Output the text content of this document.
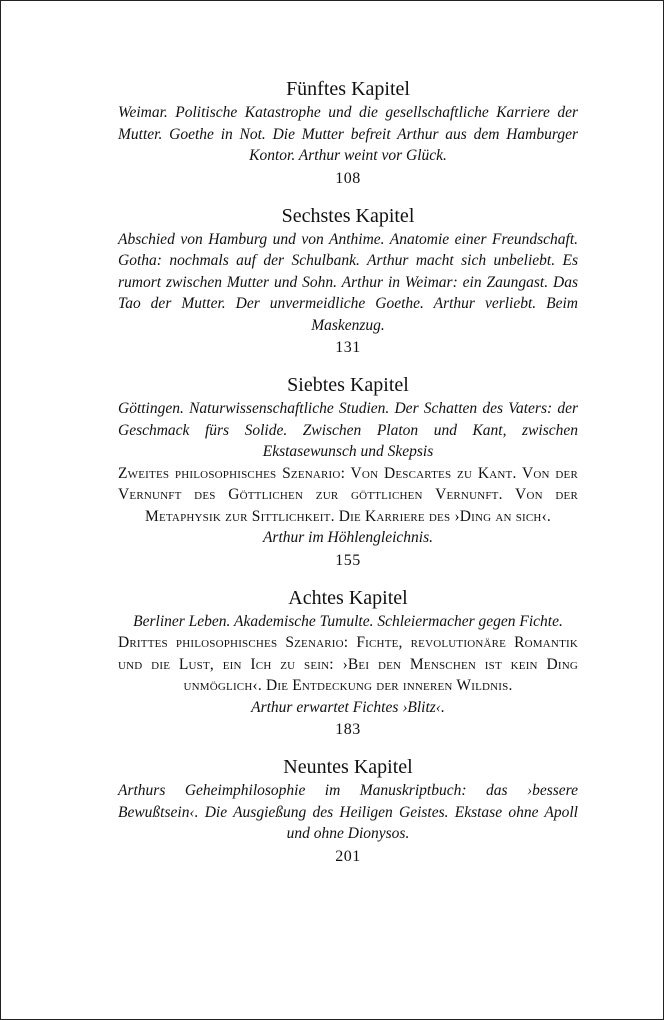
Fünftes Kapitel

Weimar. Politische Katastrophe und die gesellschaftliche Karriere der Mutter. Goethe in Not. Die Mutter befreit Arthur aus dem Hamburger Kontor. Arthur weint vor Glück.

108

Sechstes Kapitel

Abschied von Hamburg und von Anthime. Anatomie einer Freundschaft. Gotha: nochmals auf der Schulbank. Arthur macht sich unbeliebt. Es rumort zwischen Mutter und Sohn. Arthur in Weimar: ein Zaungast. Das Tao der Mutter. Der unvermeidliche Goethe. Arthur verliebt. Beim Maskenzug.

131

Siebtes Kapitel

Göttingen. Naturwissenschaftliche Studien. Der Schatten des Vaters: der Geschmack fürs Solide. Zwischen Platon und Kant, zwischen Ekstasewunsch und Skepsis

Zweites philosophisches Szenario: Von Descartes zu Kant. Von der Vernunft des Göttlichen zur göttlichen Vernunft. Von der Metaphysik zur Sittlichkeit. Die Karriere des ›Ding an sich‹.

Arthur im Höhlengleichnis.

155

Achtes Kapitel

Berliner Leben. Akademische Tumulte. Schleiermacher gegen Fichte.

Drittes philosophisches Szenario: Fichte, revolutionäre Romantik und die Lust, ein Ich zu sein: ›Bei den Menschen ist kein Ding unmöglich‹. Die Entdeckung der inneren Wildnis.

Arthur erwartet Fichtes ›Blitz‹.

183

Neuntes Kapitel

Arthurs Geheimphilosophie im Manuskriptbuch: das ›bessere Bewußtsein‹. Die Ausgießung des Heiligen Geistes. Ekstase ohne Apoll und ohne Dionysos.

201
